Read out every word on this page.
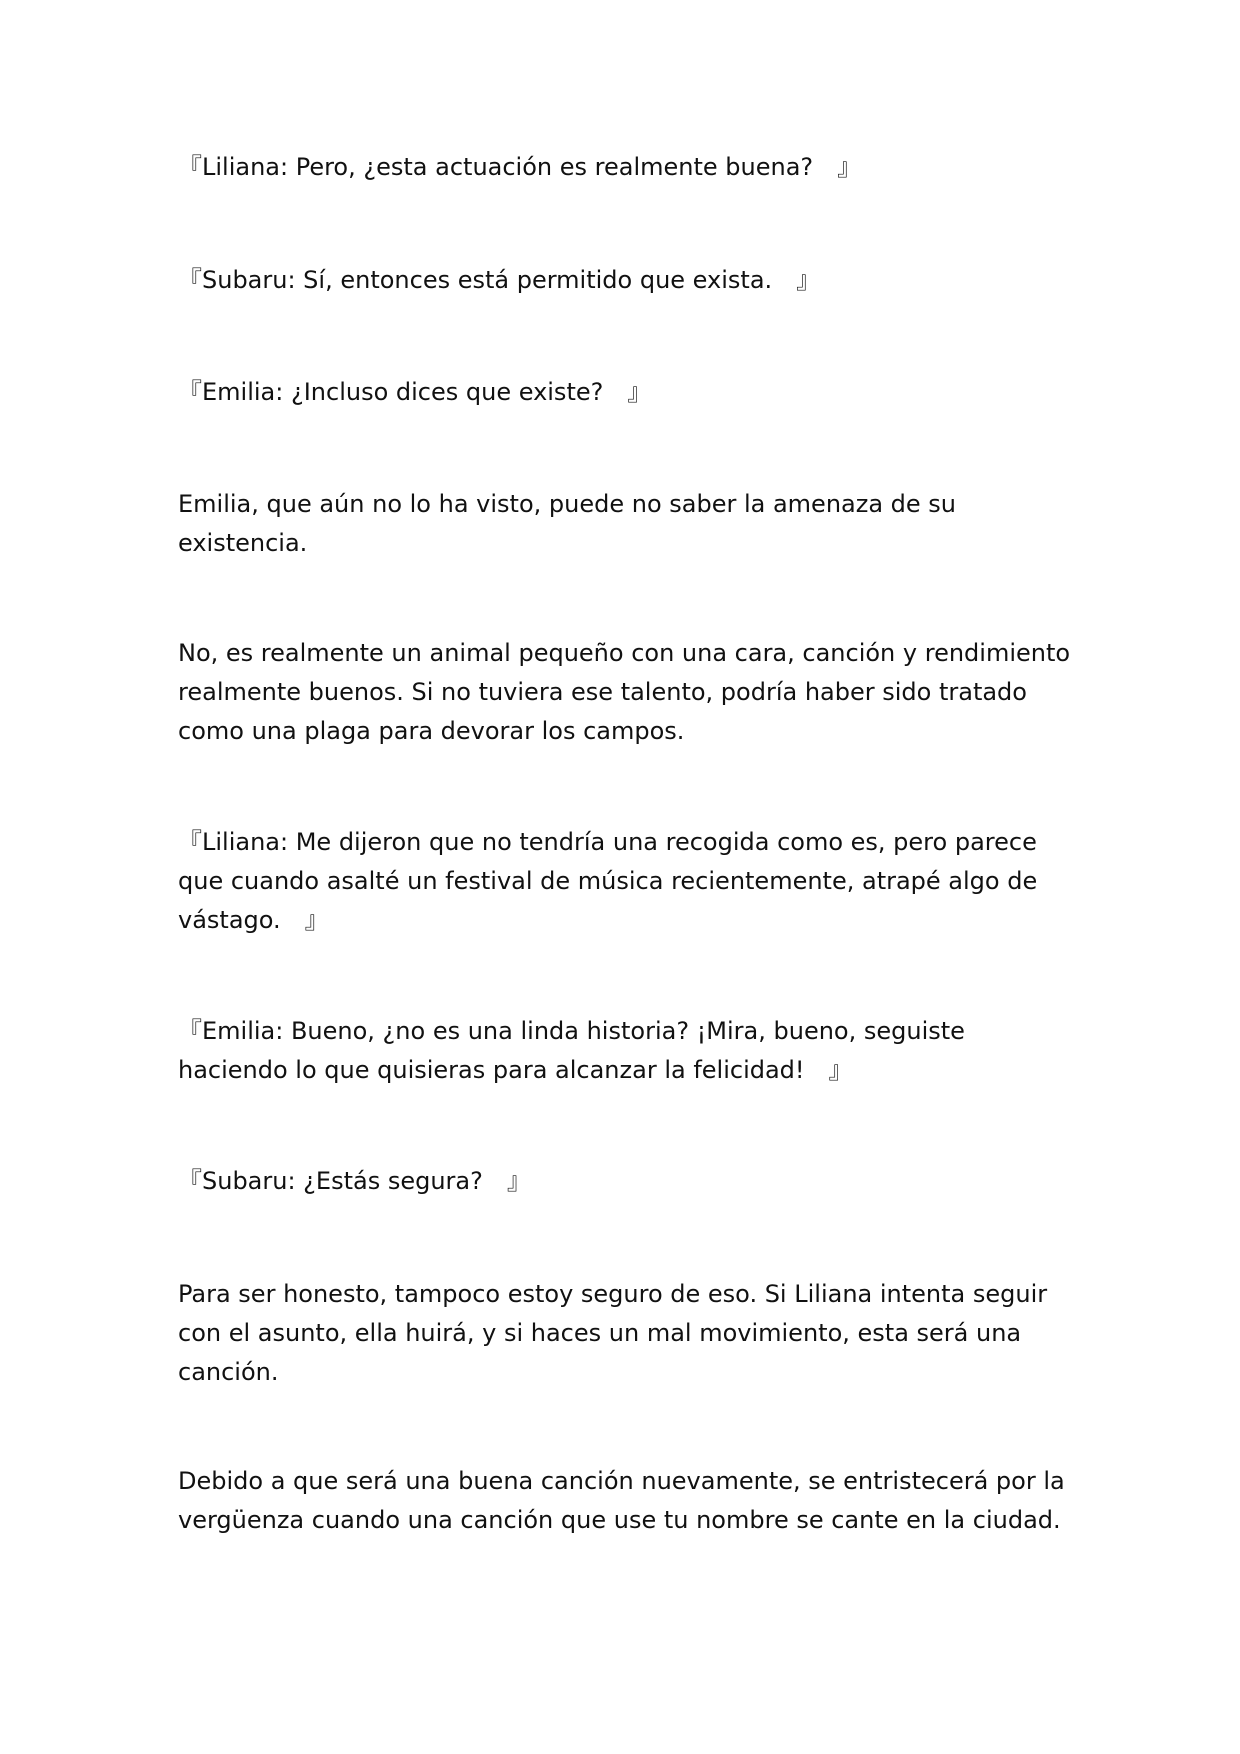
『Liliana: Pero, ¿esta actuación es realmente buena?　』

『Subaru: Sí, entonces está permitido que exista.　』

『Emilia: ¿Incluso dices que existe?　』

Emilia, que aún no lo ha visto, puede no saber la amenaza de su existencia.

No, es realmente un animal pequeño con una cara, canción y rendimiento realmente buenos. Si no tuviera ese talento, podría haber sido tratado como una plaga para devorar los campos.

『Liliana: Me dijeron que no tendría una recogida como es, pero parece que cuando asalté un festival de música recientemente, atrapé algo de vástago.　』

『Emilia: Bueno, ¿no es una linda historia? ¡Mira, bueno, seguiste haciendo lo que quisieras para alcanzar la felicidad!　』

『Subaru: ¿Estás segura?　』

Para ser honesto, tampoco estoy seguro de eso. Si Liliana intenta seguir con el asunto, ella huirá, y si haces un mal movimiento, esta será una canción.

Debido a que será una buena canción nuevamente, se entristecerá por la vergüenza cuando una canción que use tu nombre se cante en la ciudad.
